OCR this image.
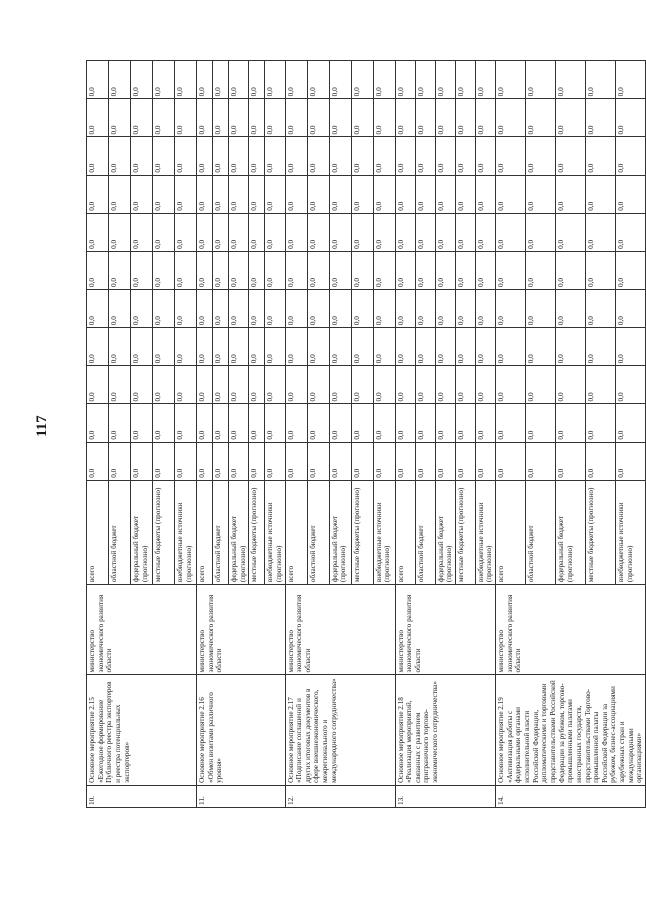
117
10.	Основное мероприятие 2.15 «Ежегодное формирование Публичного реестра экспортеров и реестра потенциальных экспортеров»	министерство экономического развития области	всего	0,0	0,0	0,0	0,0	0,0	0,0	0,0	0,0	0,0	0,0	0,0
			областной бюджет	0,0	0,0	0,0	0,0	0,0	0,0	0,0	0,0	0,0	0,0	0,0
			федеральный бюджет (прогнозно)	0,0	0,0	0,0	0,0	0,0	0,0	0,0	0,0	0,0	0,0	0,0
			местные бюджеты (прогнозно)	0,0	0,0	0,0	0,0	0,0	0,0	0,0	0,0	0,0	0,0	0,0
			внебюджетные источники (прогнозно)	0,0	0,0	0,0	0,0	0,0	0,0	0,0	0,0	0,0	0,0	0,0
11.	Основное мероприятие 2.16 «Обмен визитами различного уровня»	министерство экономического развития области	всего	0,0	0,0	0,0	0,0	0,0	0,0	0,0	0,0	0,0	0,0	0,0
			областной бюджет	0,0	0,0	0,0	0,0	0,0	0,0	0,0	0,0	0,0	0,0	0,0
			федеральный бюджет (прогнозно)	0,0	0,0	0,0	0,0	0,0	0,0	0,0	0,0	0,0	0,0	0,0
			местные бюджеты (прогнозно)	0,0	0,0	0,0	0,0	0,0	0,0	0,0	0,0	0,0	0,0	0,0
			внебюджетные источники (прогнозно)	0,0	0,0	0,0	0,0	0,0	0,0	0,0	0,0	0,0	0,0	0,0
12.	Основное мероприятие 2.17 «Подписание соглашений и других итоговых документов в сфере внешнеэкономического, межрегионального и международного сотрудничества»	министерство экономического развития области	всего	0,0	0,0	0,0	0,0	0,0	0,0	0,0	0,0	0,0	0,0	0,0
			областной бюджет	0,0	0,0	0,0	0,0	0,0	0,0	0,0	0,0	0,0	0,0	0,0
			федеральный бюджет (прогнозно)	0,0	0,0	0,0	0,0	0,0	0,0	0,0	0,0	0,0	0,0	0,0
			местные бюджеты (прогнозно)	0,0	0,0	0,0	0,0	0,0	0,0	0,0	0,0	0,0	0,0	0,0
			внебюджетные источники (прогнозно)	0,0	0,0	0,0	0,0	0,0	0,0	0,0	0,0	0,0	0,0	0,0
13.	Основное мероприятие 2.18 «Реализация мероприятий, связанных с развитием приграничного торгово-экономического сотрудничества»	министерство экономического развития области	всего	0,0	0,0	0,0	0,0	0,0	0,0	0,0	0,0	0,0	0,0	0,0
			областной бюджет	0,0	0,0	0,0	0,0	0,0	0,0	0,0	0,0	0,0	0,0	0,0
			федеральный бюджет (прогнозно)	0,0	0,0	0,0	0,0	0,0	0,0	0,0	0,0	0,0	0,0	0,0
			местные бюджеты (прогнозно)	0,0	0,0	0,0	0,0	0,0	0,0	0,0	0,0	0,0	0,0	0,0
			внебюджетные источники (прогнозно)	0,0	0,0	0,0	0,0	0,0	0,0	0,0	0,0	0,0	0,0	0,0
14.	Основное мероприятие 2.19 «Активизация работы с федеральными органами исполнительной власти Российской Федерации, дипломатическими и торговыми представительствами Российской Федерации за рубежом, торгово-промышленными палатами иностранных государств, представительствами Торгово-промышленной палаты Российской Федерации за рубежом, бизнес-ассоциациями зарубежных стран и международными организациями»	министерство экономического развития области	всего	0,0	0,0	0,0	0,0	0,0	0,0	0,0	0,0	0,0	0,0	0,0
			областной бюджет	0,0	0,0	0,0	0,0	0,0	0,0	0,0	0,0	0,0	0,0	0,0
			федеральный бюджет (прогнозно)	0,0	0,0	0,0	0,0	0,0	0,0	0,0	0,0	0,0	0,0	0,0
			местные бюджеты (прогнозно)	0,0	0,0	0,0	0,0	0,0	0,0	0,0	0,0	0,0	0,0	0,0
			внебюджетные источники (прогнозно)	0,0	0,0	0,0	0,0	0,0	0,0	0,0	0,0	0,0	0,0	0,0
